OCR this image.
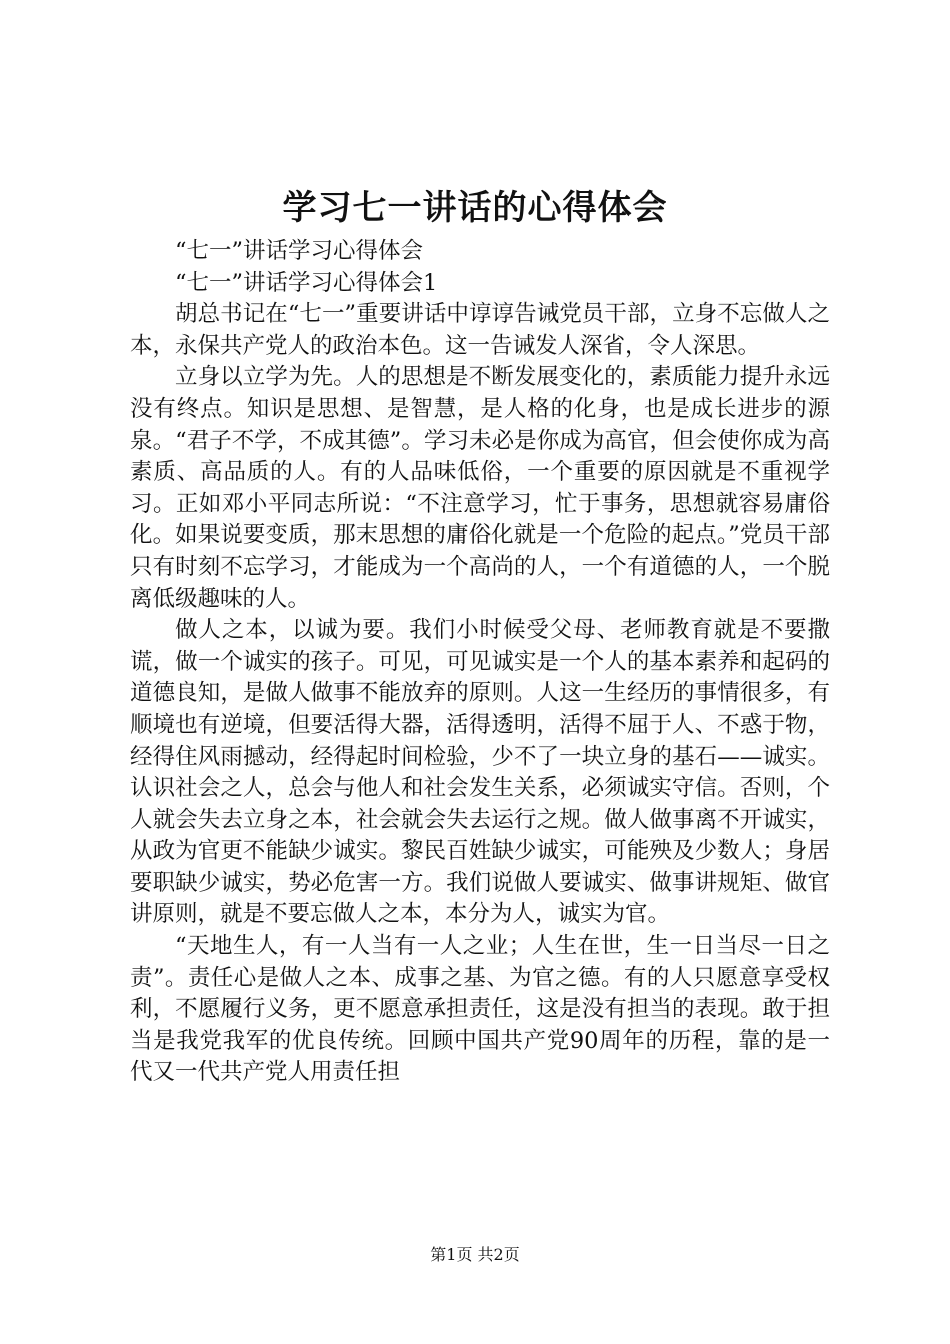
学习七一讲话的心得体会

“七一”讲话学习心得体会

“七一”讲话学习心得体会1

胡总书记在“七一”重要讲话中谆谆告诫党员干部，立身不忘做人之本，永保共产党人的政治本色。这一告诫发人深省，令人深思。

立身以立学为先。人的思想是不断发展变化的，素质能力提升永远没有终点。知识是思想、是智慧，是人格的化身，也是成长进步的源泉。“君子不学，不成其德”。学习未必是你成为高官，但会使你成为高素质、高品质的人。有的人品味低俗，一个重要的原因就是不重视学习。正如邓小平同志所说：“不注意学习，忙于事务，思想就容易庸俗化。如果说要变质，那末思想的庸俗化就是一个危险的起点。”党员干部只有时刻不忘学习，才能成为一个高尚的人，一个有道德的人，一个脱离低级趣味的人。

做人之本，以诚为要。我们小时候受父母、老师教育就是不要撒谎，做一个诚实的孩子。可见，可见诚实是一个人的基本素养和起码的道德良知，是做人做事不能放弃的原则。人这一生经历的事情很多，有顺境也有逆境，但要活得大器，活得透明，活得不屈于人、不惑于物，经得住风雨撼动，经得起时间检验，少不了一块立身的基石——诚实。认识社会之人，总会与他人和社会发生关系，必须诚实守信。否则，个人就会失去立身之本，社会就会失去运行之规。做人做事离不开诚实，从政为官更不能缺少诚实。黎民百姓缺少诚实，可能殃及少数人；身居要职缺少诚实，势必危害一方。我们说做人要诚实、做事讲规矩、做官讲原则，就是不要忘做人之本，本分为人，诚实为官。

“天地生人，有一人当有一人之业；人生在世，生一日当尽一日之责”。责任心是做人之本、成事之基、为官之德。有的人只愿意享受权利，不愿履行义务，更不愿意承担责任，这是没有担当的表现。敢于担当是我党我军的优良传统。回顾中国共产党90周年的历程，靠的是一代又一代共产党人用责任担

第1页 共2页
